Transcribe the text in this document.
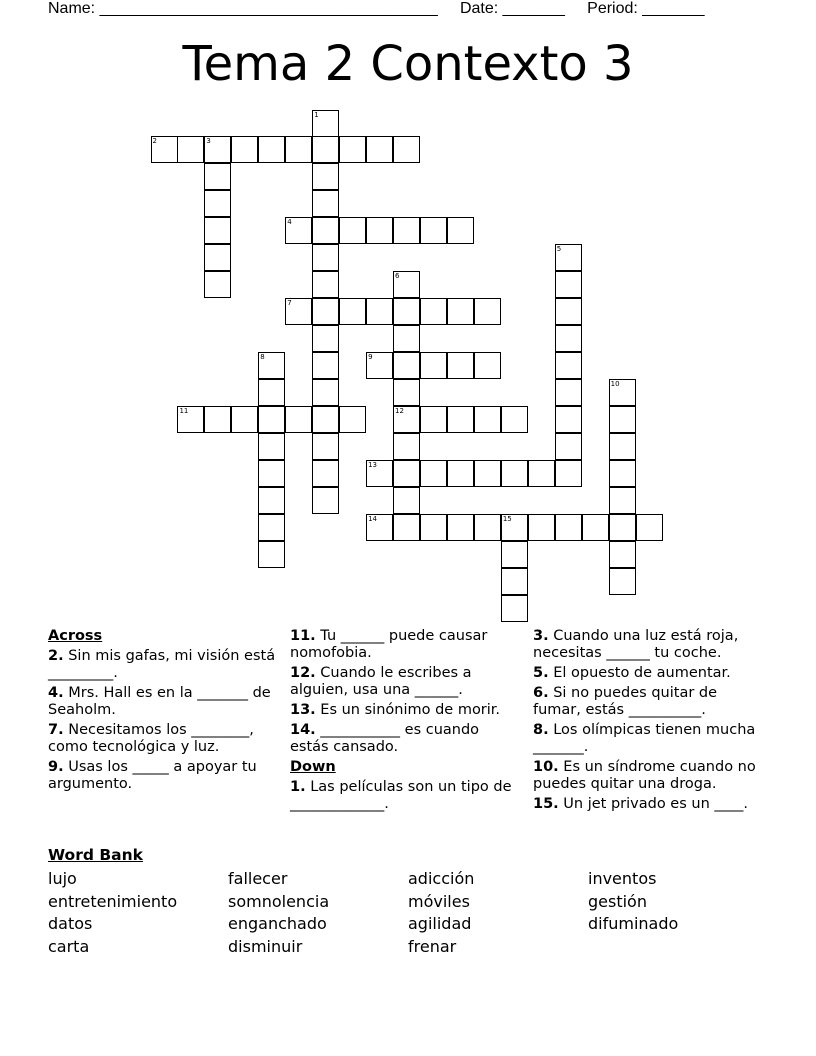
Name: ______________________________________     Date: _______     Period: _______
Tema 2 Contexto 3
1
2	3
4
5
6
12
7
8	9
10
11
13
14	15
Across
2. Sin mis gafas, mi visión está _________.
4. Mrs. Hall es en la _______ de Seaholm.
7. Necesitamos los ________, como tecnológica y luz.
9. Usas los _____ a apoyar tu argumento.
11. Tu ______ puede causar nomofobia.
12. Cuando le escribes a alguien, usa una ______.
13. Es un sinónimo de morir.
14. ___________ es cuando estás cansado.
Down
1. Las películas son un tipo de _____________.
3. Cuando una luz está roja, necesitas ______ tu coche.
5. El opuesto de aumentar.
6. Si no puedes quitar de fumar, estás __________.
8. Los olímpicas tienen mucha _______.
10. Es un síndrome cuando no puedes quitar una droga.
15. Un jet privado es un ____.
Word Bank
lujo	fallecer	adicción	inventos
entretenimiento	somnolencia	móviles	gestión
datos	enganchado	agilidad	difuminado
carta	disminuir	frenar
